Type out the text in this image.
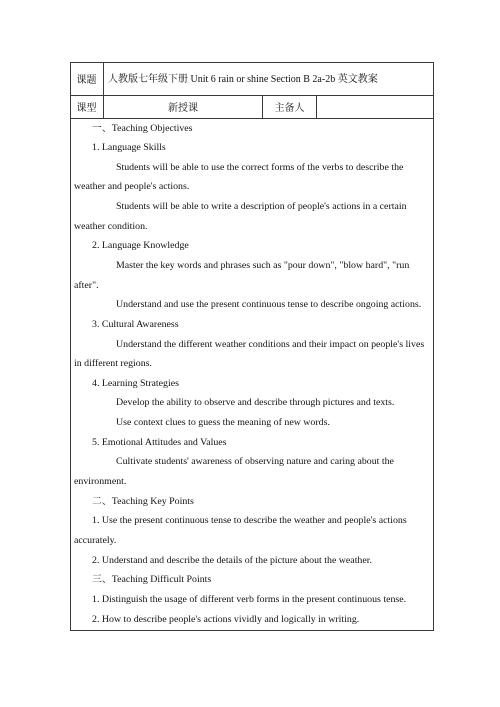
课题	人教版七年级下册 Unit 6 rain or shine Section B 2a-2b 英文教案
课型	新授课	主备人
一、Teaching Objectives
1. Language Skills
Students will be able to use the correct forms of the verbs to describe the
weather and people's actions.
Students will be able to write a description of people's actions in a certain
weather condition.
2. Language Knowledge
Master the key words and phrases such as "pour down", "blow hard", "run
after".
Understand and use the present continuous tense to describe ongoing actions.
3. Cultural Awareness
Understand the different weather conditions and their impact on people's lives
in different regions.
4. Learning Strategies
Develop the ability to observe and describe through pictures and texts.
Use context clues to guess the meaning of new words.
5. Emotional Attitudes and Values
Cultivate students' awareness of observing nature and caring about the
environment.
二、Teaching Key Points
1. Use the present continuous tense to describe the weather and people's actions
accurately.
2. Understand and describe the details of the picture about the weather.
三、Teaching Difficult Points
1. Distinguish the usage of different verb forms in the present continuous tense.
2. How to describe people's actions vividly and logically in writing.
